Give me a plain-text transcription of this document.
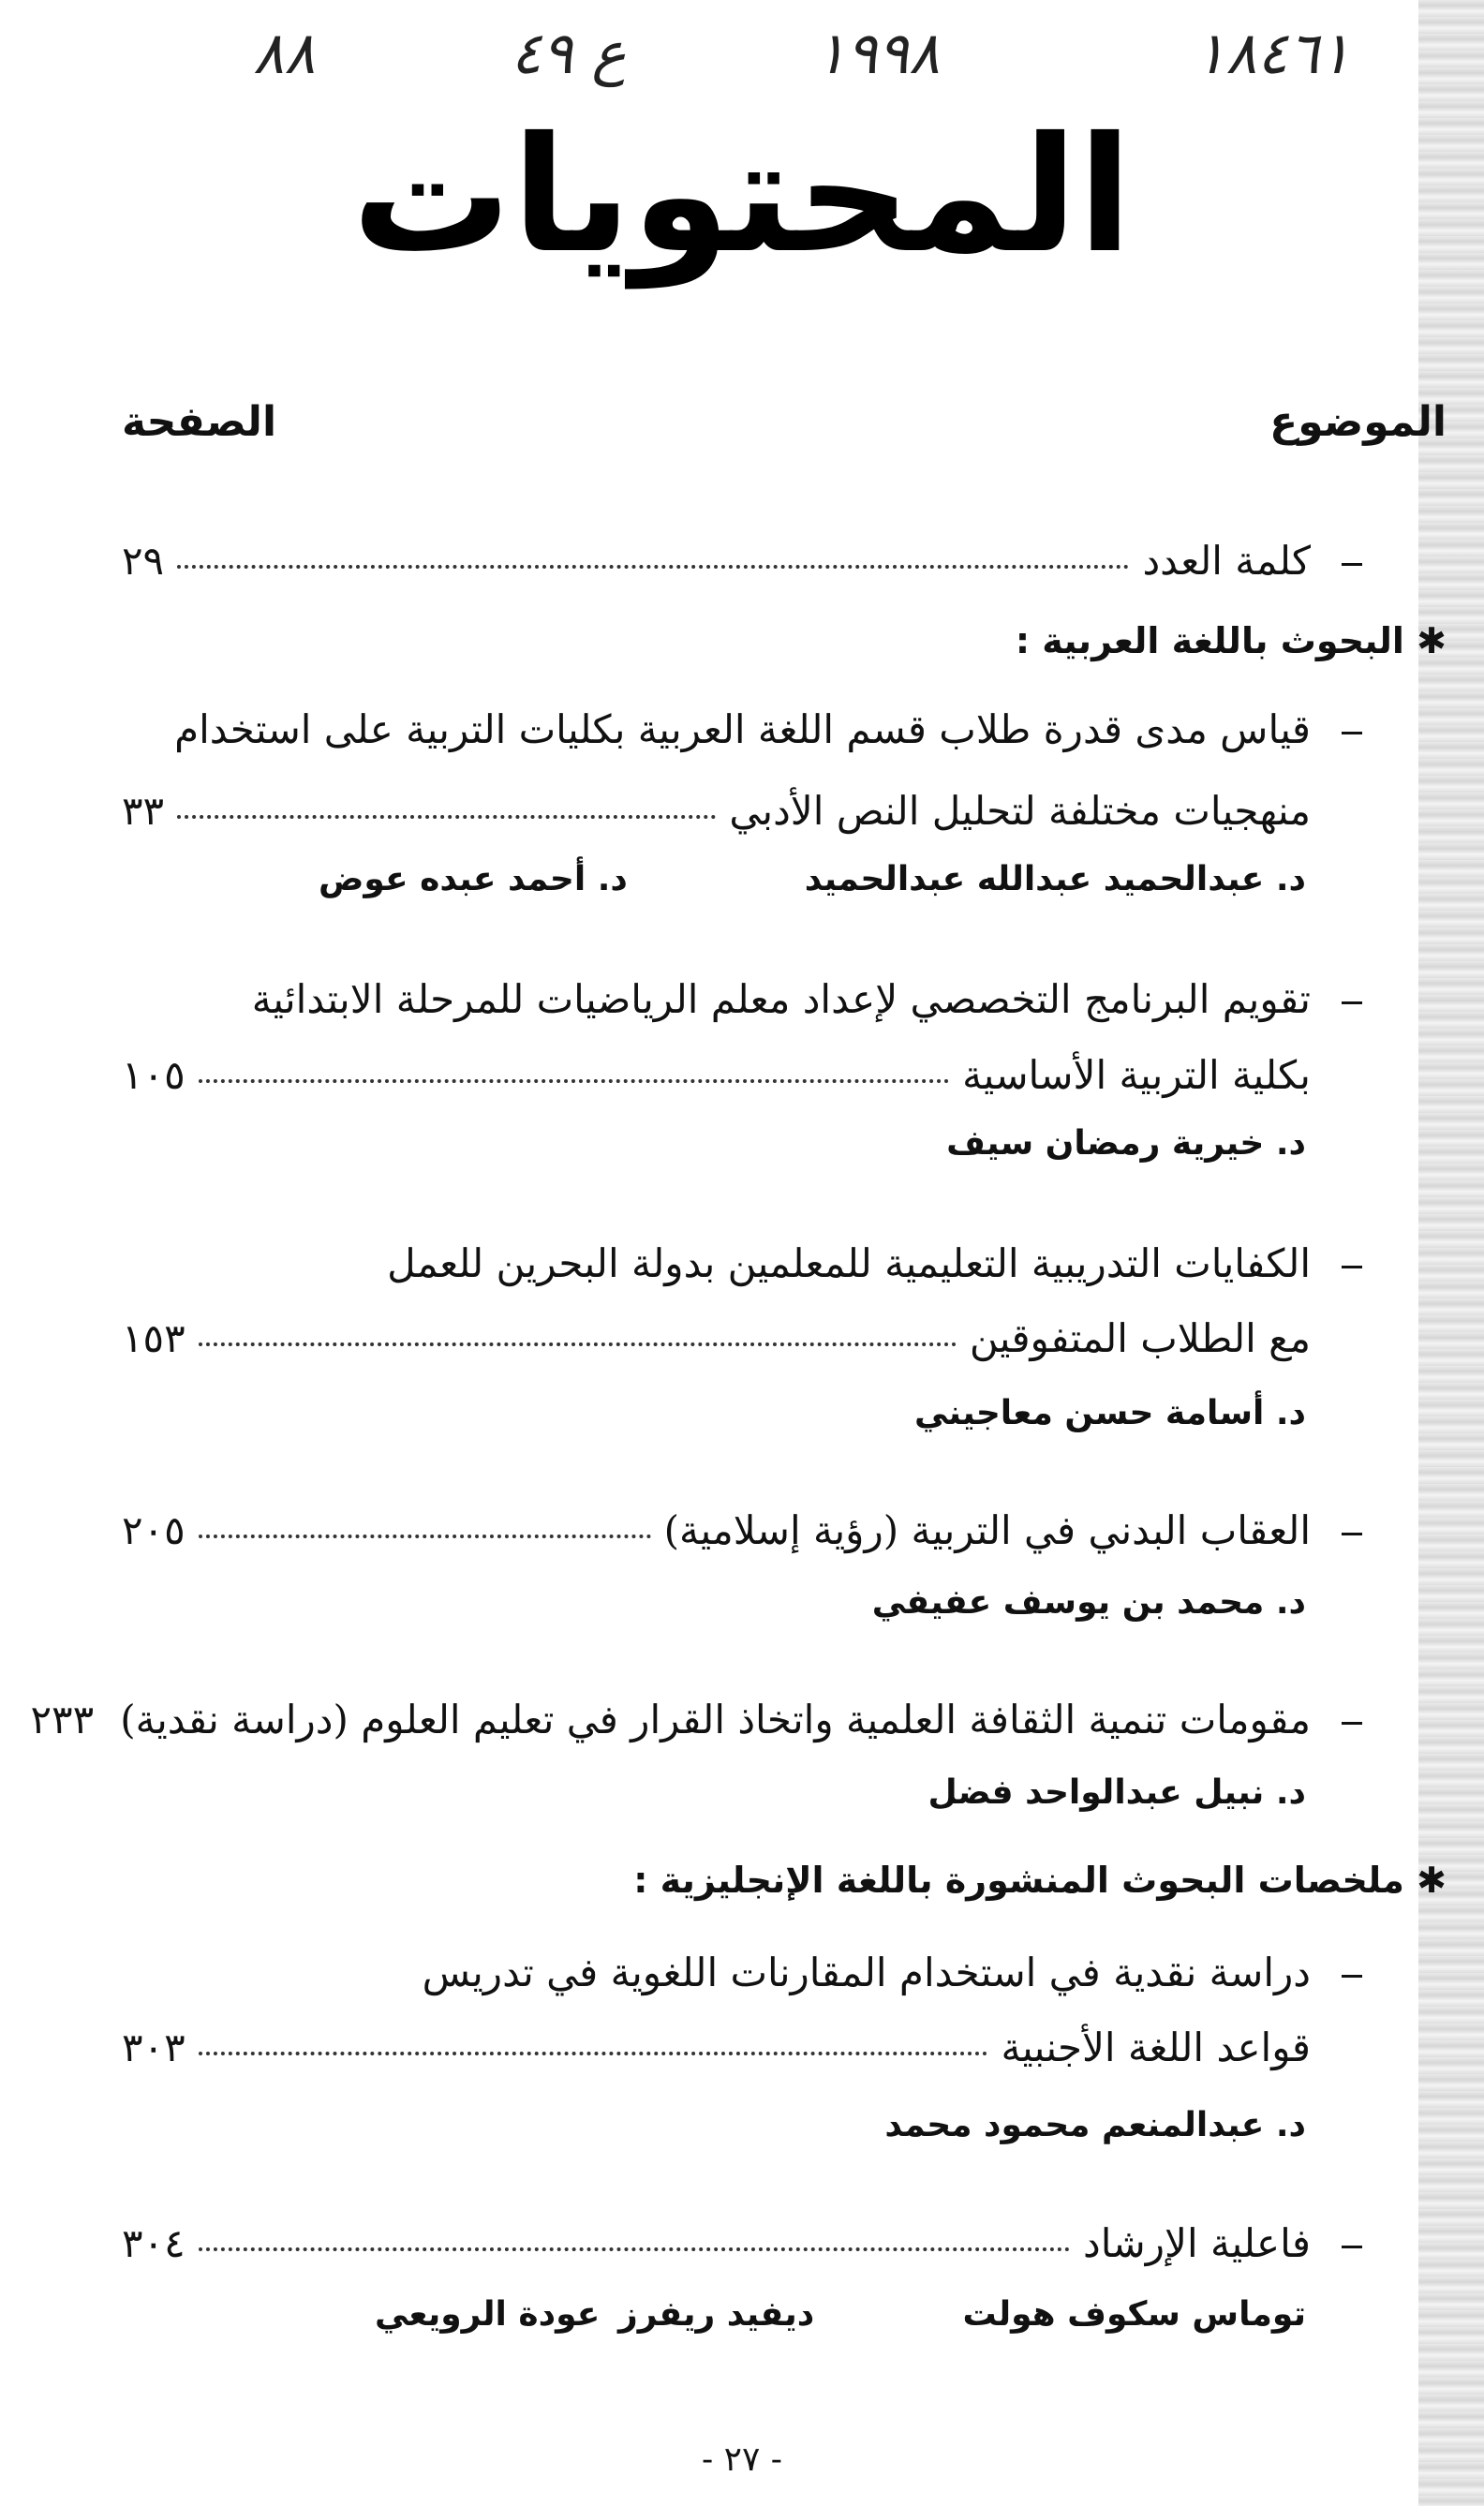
١٨٤٦١
١٩٩٨
ع ٤٩
٨٨
المحتويات
الموضوع
الصفحة
كلمة العدد
٢٩
✱ البحوث باللغة العربية :
قياس مدى قدرة طلاب قسم اللغة العربية بكليات التربية على استخدام
منهجيات مختلفة لتحليل النص الأدبي
٣٣
د. عبدالحميد عبدالله عبدالحميد
د. أحمد عبده عوض
تقويم البرنامج التخصصي لإعداد معلم الرياضيات للمرحلة الابتدائية
بكلية التربية الأساسية
١٠٥
د. خيرية رمضان سيف
الكفايات التدريبية التعليمية للمعلمين بدولة البحرين للعمل
مع الطلاب المتفوقين
١٥٣
د. أسامة حسن معاجيني
العقاب البدني في التربية (رؤية إسلامية)
٢٠٥
د. محمد بن يوسف عفيفي
مقومات تنمية الثقافة العلمية واتخاذ القرار في تعليم العلوم (دراسة نقدية)
٢٣٣
د. نبيل عبدالواحد فضل
✱ ملخصات البحوث المنشورة باللغة الإنجليزية :
دراسة نقدية في استخدام المقارنات اللغوية في تدريس
قواعد اللغة الأجنبية
٣٠٣
د. عبدالمنعم محمود محمد
فاعلية الإرشاد
٣٠٤
توماس سكوف هولت
ديفيد ريفرز
عودة الرويعي
- ٢٧ -
